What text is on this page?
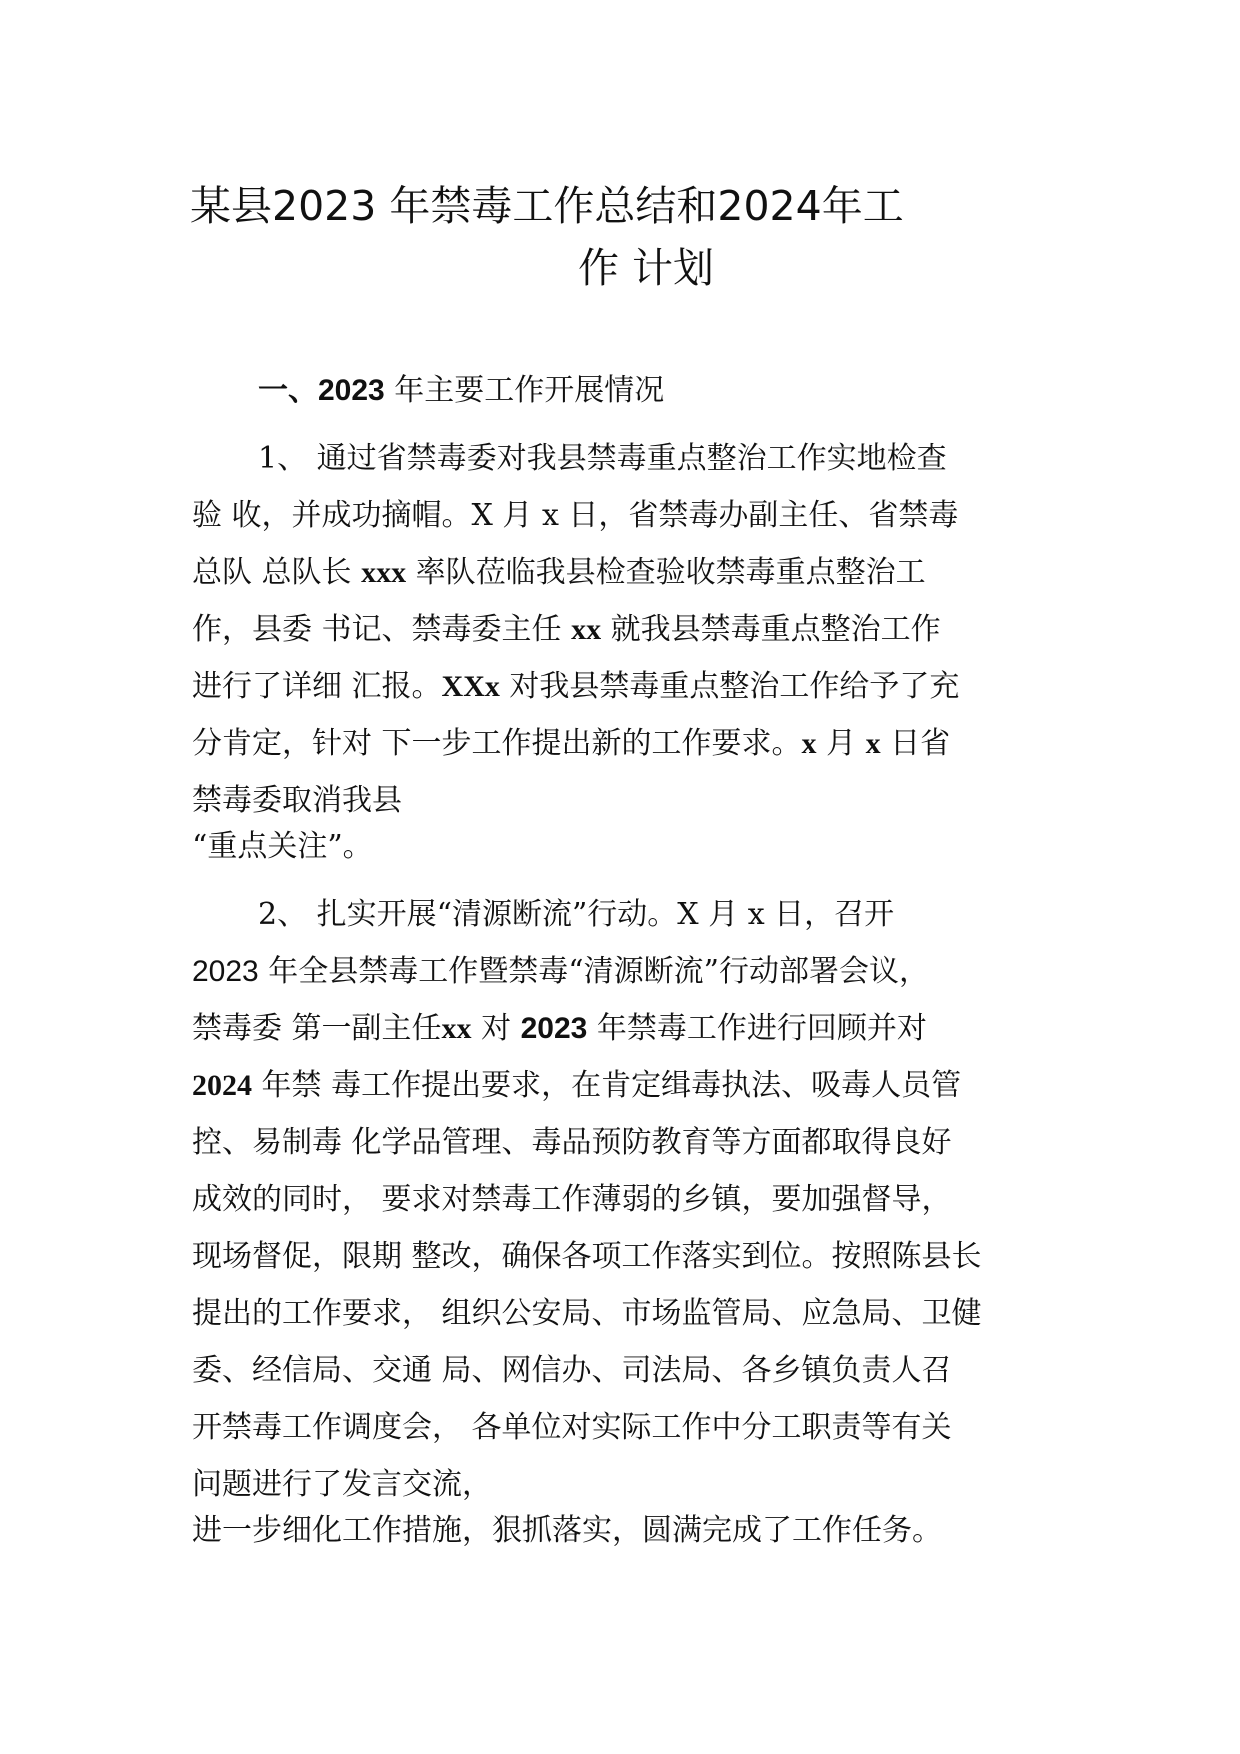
某县2023 年禁毒工作总结和2024年工
作 计划
一、2023 年主要工作开展情况
1、 通过省禁毒委对我县禁毒重点整治工作实地检查
验 收，并成功摘帽。X 月 x 日，省禁毒办副主任、省禁毒
总队 总队长 xxx 率队莅临我县检查验收禁毒重点整治工
作，县委 书记、禁毒委主任 xx 就我县禁毒重点整治工作
进行了详细 汇报。XXx 对我县禁毒重点整治工作给予了充
分肯定，针对 下一步工作提出新的工作要求。x 月 x 日省
禁毒委取消我县
“重点关注”。
2、 扎实开展“清源断流”行动。X 月 x 日，召开
2023 年全县禁毒工作暨禁毒“清源断流”行动部署会议，
禁毒委 第一副主任xx 对 2023 年禁毒工作进行回顾并对
2024 年禁 毒工作提出要求，在肯定缉毒执法、吸毒人员管
控、易制毒 化学品管理、毒品预防教育等方面都取得良好
成效的同时， 要求对禁毒工作薄弱的乡镇，要加强督导，
现场督促，限期 整改，确保各项工作落实到位。按照陈县长
提出的工作要求， 组织公安局、市场监管局、应急局、卫健
委、经信局、交通 局、网信办、司法局、各乡镇负责人召
开禁毒工作调度会， 各单位对实际工作中分工职责等有关
问题进行了发言交流，
进一步细化工作措施，狠抓落实，圆满完成了工作任务。
